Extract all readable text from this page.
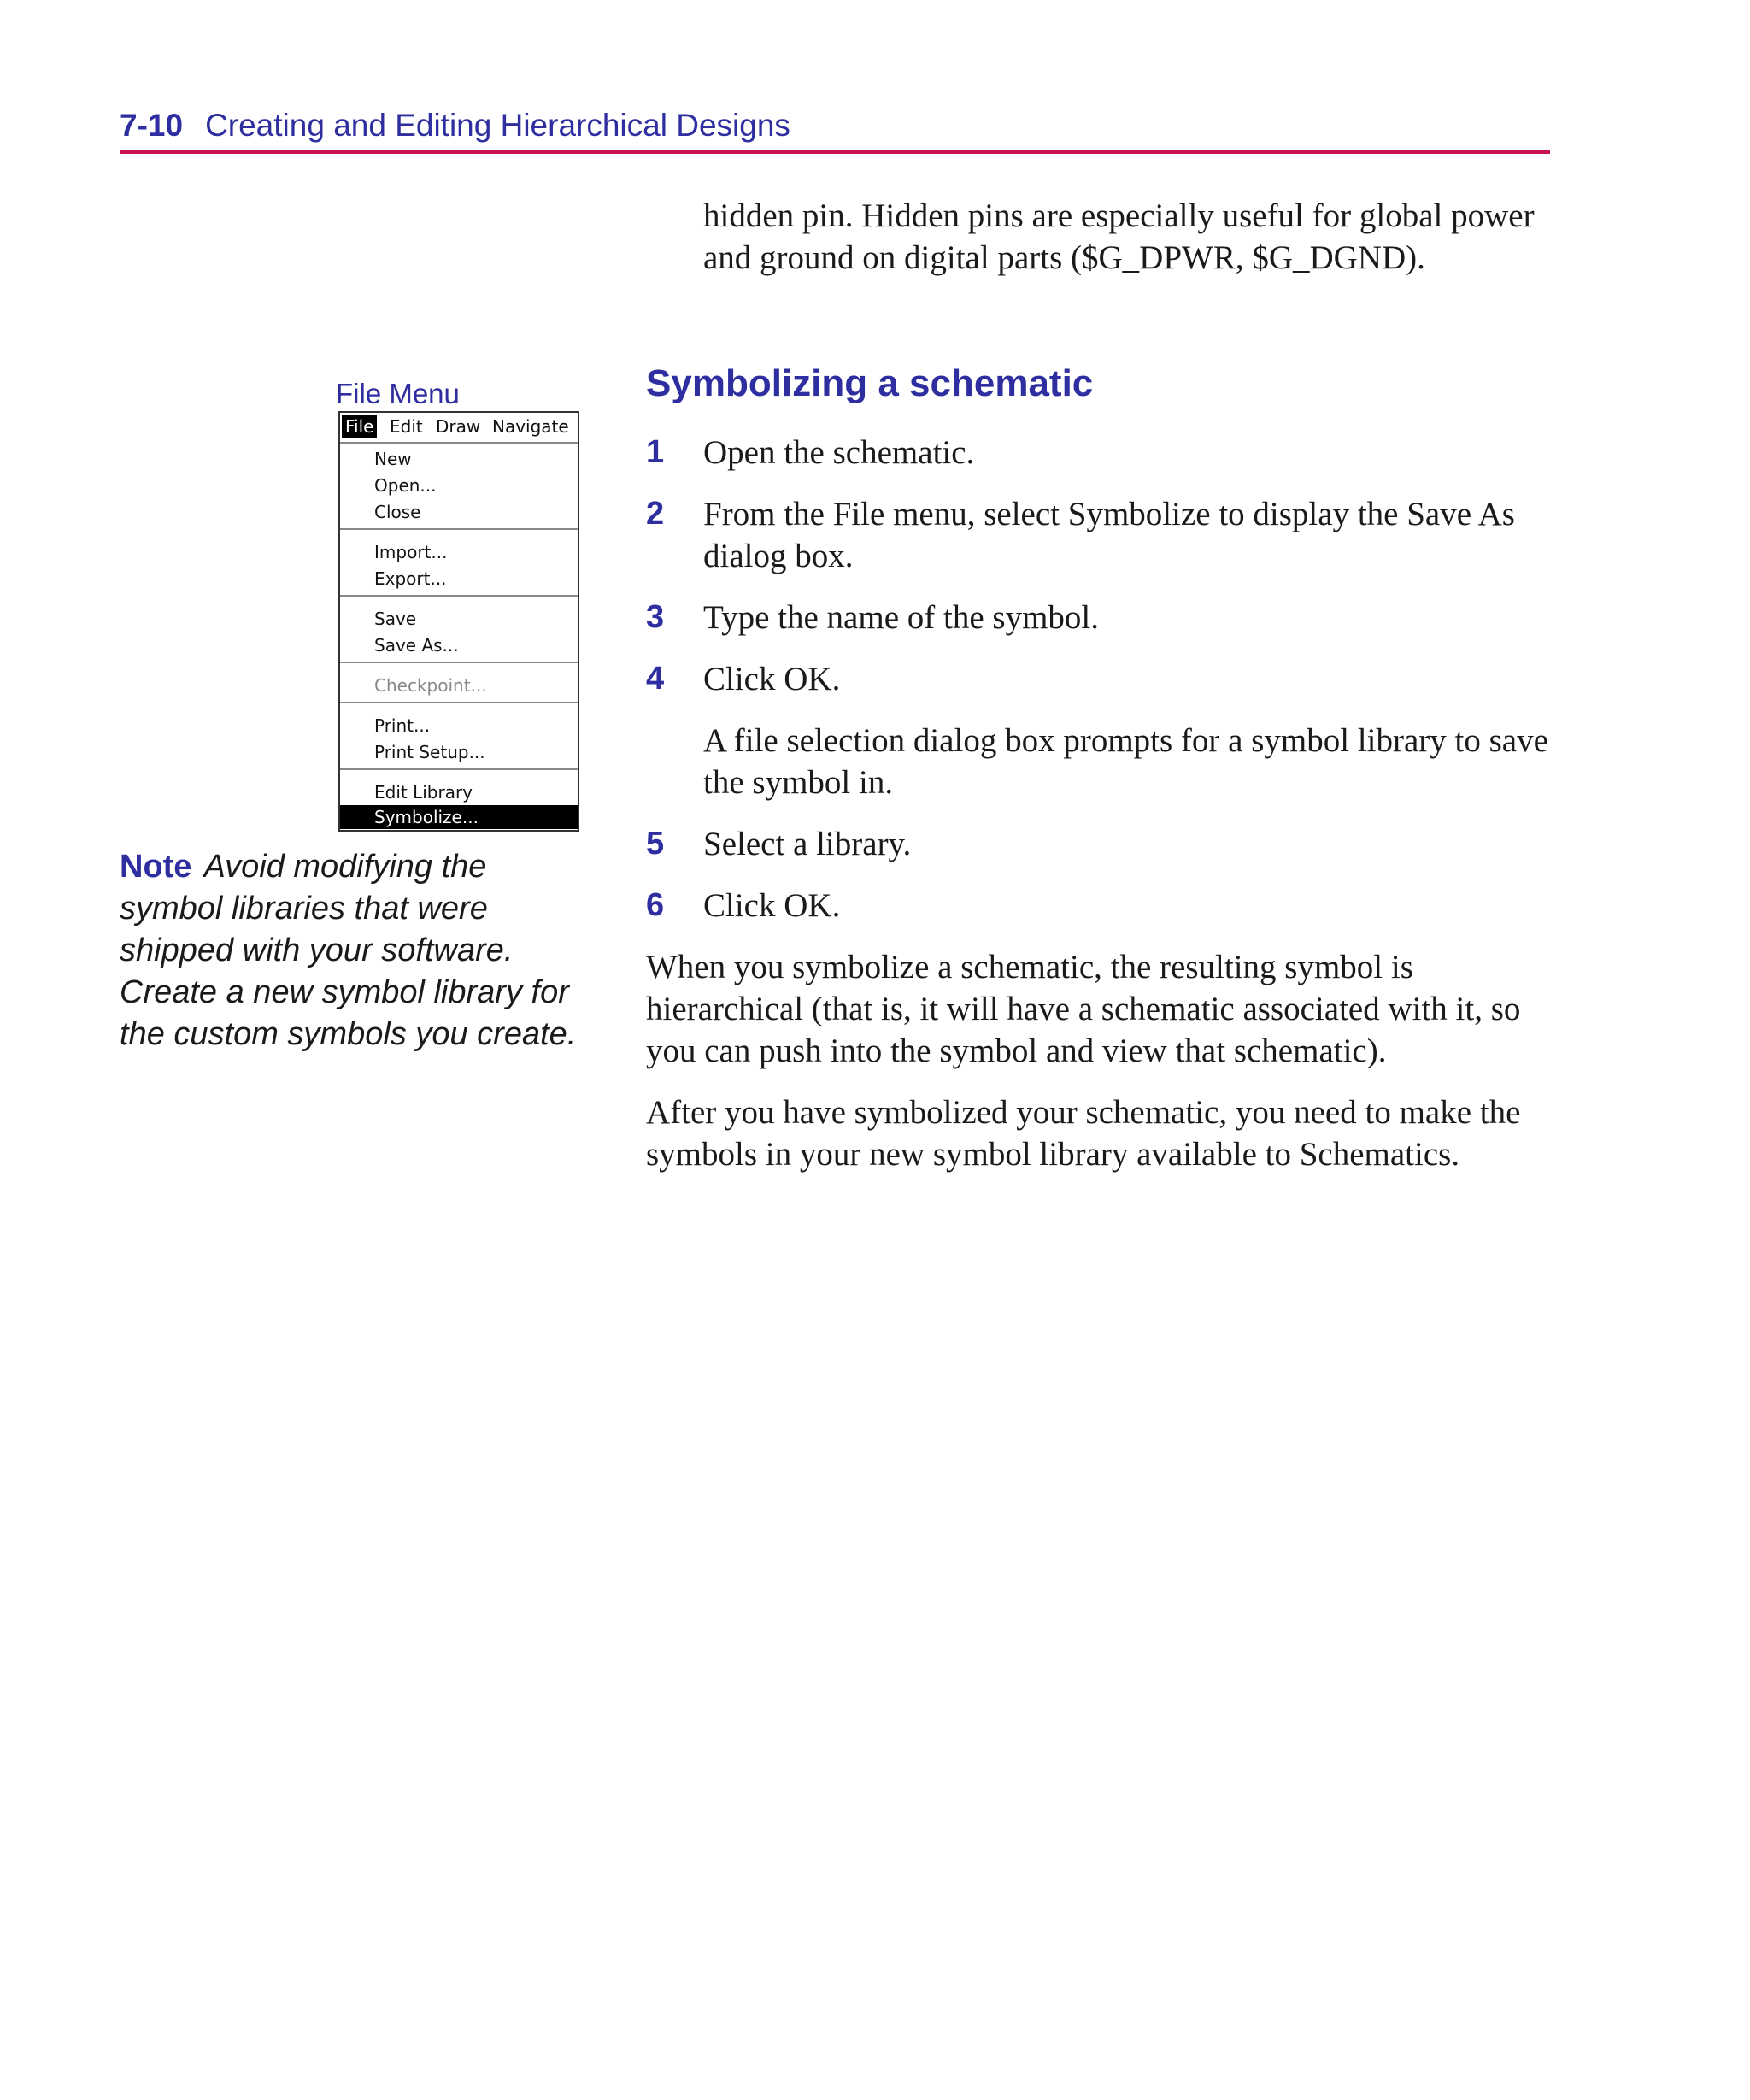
7-10 Creating and Editing Hierarchical Designs
hidden pin. Hidden pins are especially useful for global power and ground on digital parts ($G_DPWR, $G_DGND).
Symbolizing a schematic
1 Open the schematic.
2 From the File menu, select Symbolize to display the Save As dialog box.
3 Type the name of the symbol.
4 Click OK.
A file selection dialog box prompts for a symbol library to save the symbol in.
5 Select a library.
6 Click OK.
When you symbolize a schematic, the resulting symbol is hierarchical (that is, it will have a schematic associated with it, so you can push into the symbol and view that schematic).
After you have symbolized your schematic, you need to make the symbols in your new symbol library available to Schematics.
File Menu
File Edit Draw Navigate
New
Open...
Close
Import...
Export...
Save
Save As...
Checkpoint...
Print...
Print Setup...
Edit Library
Symbolize...
Note Avoid modifying the symbol libraries that were shipped with your software. Create a new symbol library for the custom symbols you create.
